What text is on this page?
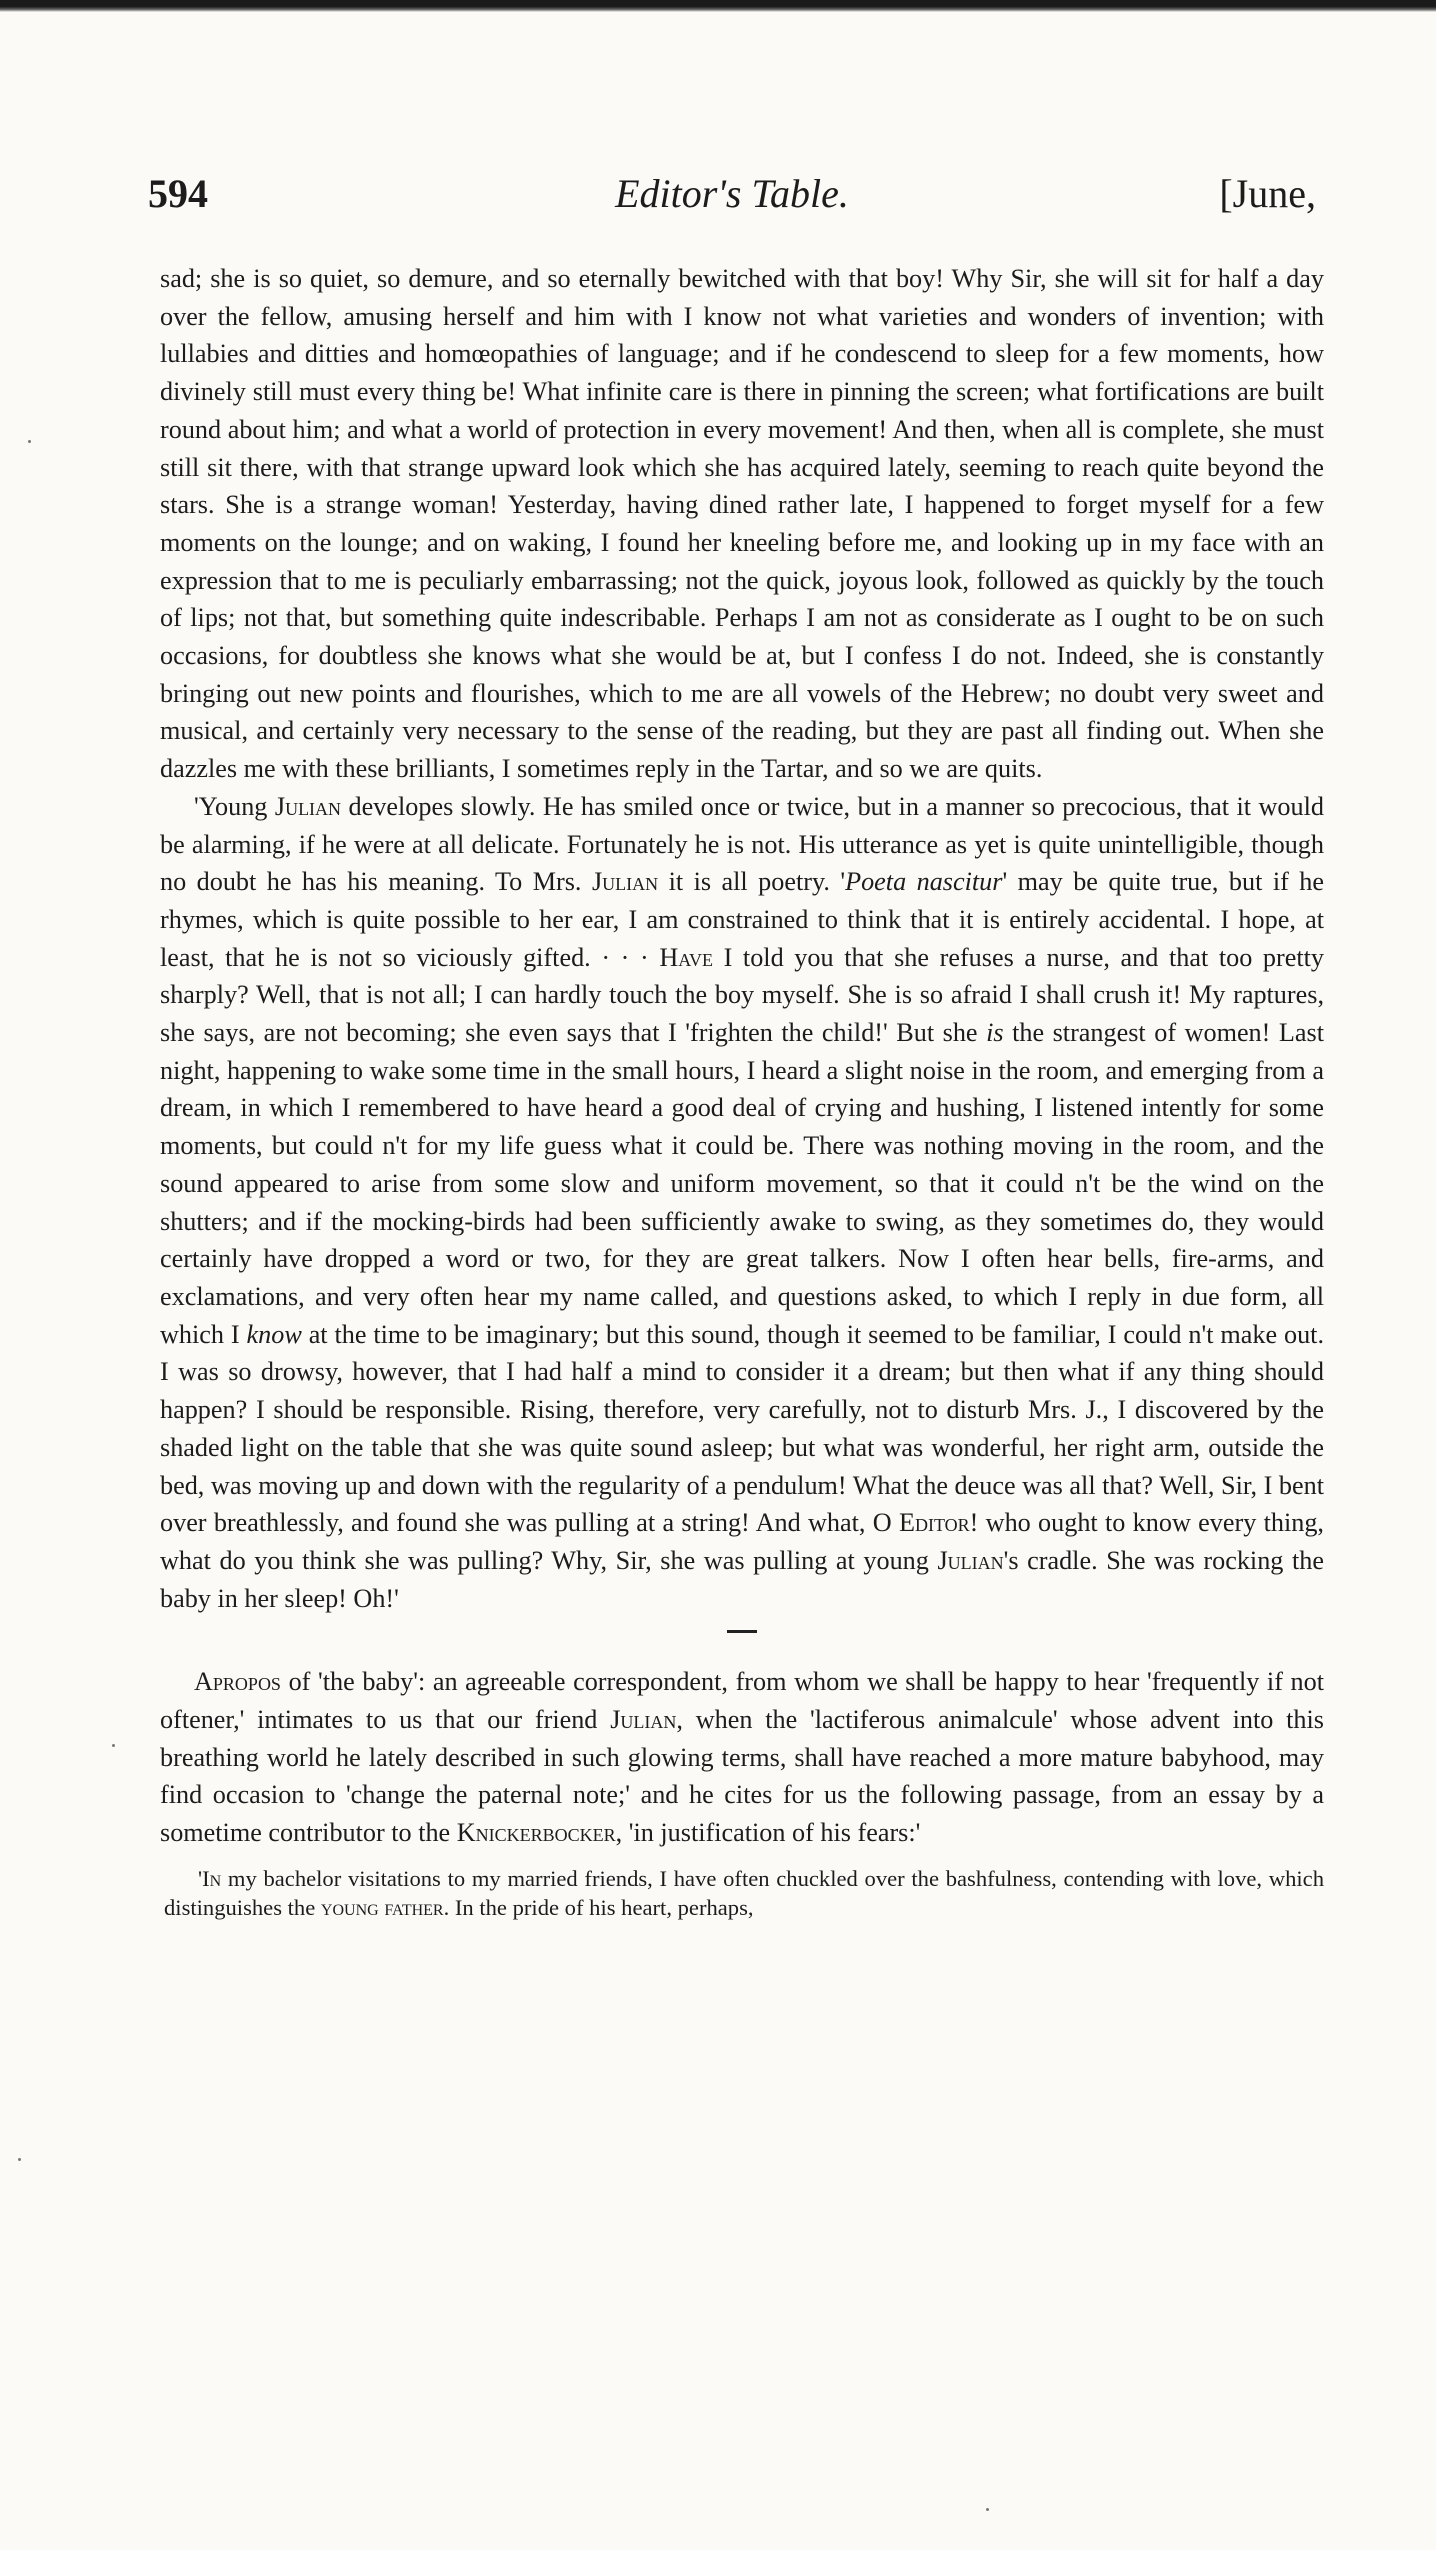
594	Editor's Table.	[June,

sad; she is so quiet, so demure, and so eternally bewitched with that boy! Why Sir, she will sit for half a day over the fellow, amusing herself and him with I know not what varieties and wonders of invention; with lullabies and ditties and homœopathies of language; and if he condescend to sleep for a few moments, how divinely still must every thing be! What infinite care is there in pinning the screen; what fortifications are built round about him; and what a world of protection in every movement! And then, when all is complete, she must still sit there, with that strange upward look which she has acquired lately, seeming to reach quite beyond the stars. She is a strange woman! Yesterday, having dined rather late, I happened to forget myself for a few moments on the lounge; and on waking, I found her kneeling before me, and looking up in my face with an expression that to me is peculiarly embarrassing; not the quick, joyous look, followed as quickly by the touch of lips; not that, but something quite indescribable. Perhaps I am not as considerate as I ought to be on such occasions, for doubtless she knows what she would be at, but I confess I do not. Indeed, she is constantly bringing out new points and flourishes, which to me are all vowels of the Hebrew; no doubt very sweet and musical, and certainly very necessary to the sense of the reading, but they are past all finding out. When she dazzles me with these brilliants, I sometimes reply in the Tartar, and so we are quits.

'Young Julian developes slowly. He has smiled once or twice, but in a manner so precocious, that it would be alarming, if he were at all delicate. Fortunately he is not. His utterance as yet is quite unintelligible, though no doubt he has his meaning. To Mrs. Julian it is all poetry. 'Poeta nascitur' may be quite true, but if he rhymes, which is quite possible to her ear, I am constrained to think that it is entirely accidental. I hope, at least, that he is not so viciously gifted. · · · Have I told you that she refuses a nurse, and that too pretty sharply? Well, that is not all; I can hardly touch the boy myself. She is so afraid I shall crush it! My raptures, she says, are not becoming; she even says that I 'frighten the child!' But she is the strangest of women! Last night, happening to wake some time in the small hours, I heard a slight noise in the room, and emerging from a dream, in which I remembered to have heard a good deal of crying and hushing, I listened intently for some moments, but could n't for my life guess what it could be. There was nothing moving in the room, and the sound appeared to arise from some slow and uniform movement, so that it could n't be the wind on the shutters; and if the mocking-birds had been sufficiently awake to swing, as they sometimes do, they would certainly have dropped a word or two, for they are great talkers. Now I often hear bells, fire-arms, and exclamations, and very often hear my name called, and questions asked, to which I reply in due form, all which I know at the time to be imaginary; but this sound, though it seemed to be familiar, I could n't make out. I was so drowsy, however, that I had half a mind to consider it a dream; but then what if any thing should happen? I should be responsible. Rising, therefore, very carefully, not to disturb Mrs. J., I discovered by the shaded light on the table that she was quite sound asleep; but what was wonderful, her right arm, outside the bed, was moving up and down with the regularity of a pendulum! What the deuce was all that? Well, Sir, I bent over breathlessly, and found she was pulling at a string! And what, O Editor! who ought to know every thing, what do you think she was pulling? Why, Sir, she was pulling at young Julian's cradle. She was rocking the baby in her sleep! Oh!'

Apropos of 'the baby': an agreeable correspondent, from whom we shall be happy to hear 'frequently if not oftener,' intimates to us that our friend Julian, when the 'lactiferous animalcule' whose advent into this breathing world he lately described in such glowing terms, shall have reached a more mature babyhood, may find occasion to 'change the paternal note;' and he cites for us the following passage, from an essay by a sometime contributor to the Knickerbocker, 'in justification of his fears:'

'In my bachelor visitations to my married friends, I have often chuckled over the bashfulness, contending with love, which distinguishes the young father. In the pride of his heart, perhaps,
